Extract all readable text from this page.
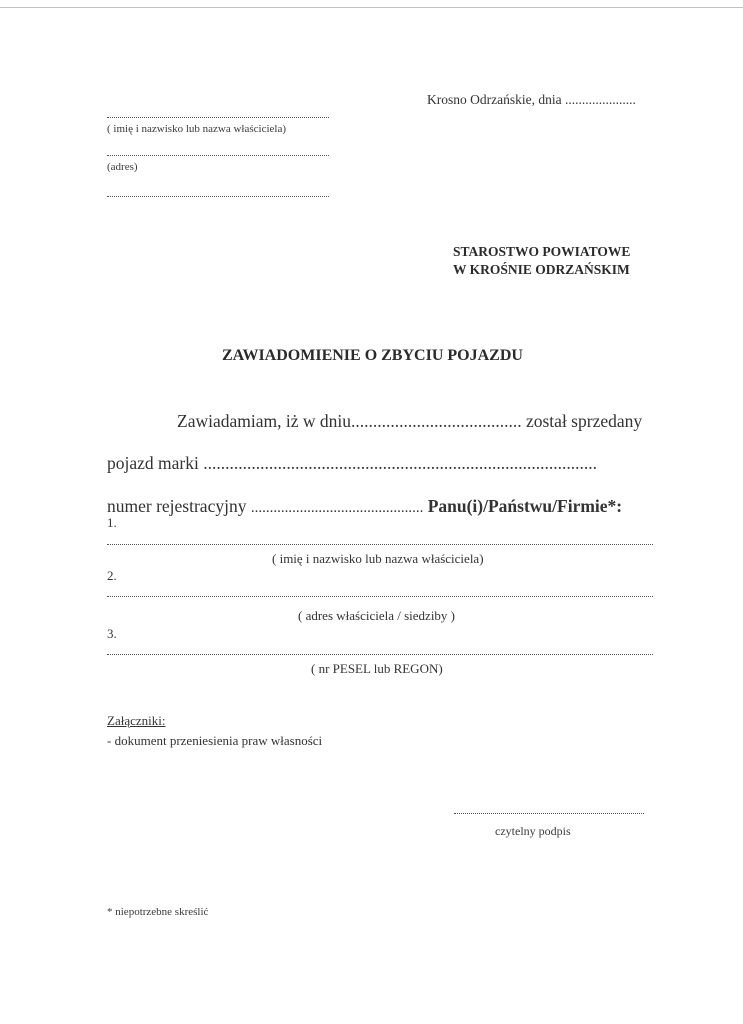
( imię i nazwisko lub nazwa właściciela)
(adres)
Krosno Odrzańskie, dnia .....................
STAROSTWO POWIATOWE
W KROŚNIE ODRZAŃSKIM
ZAWIADOMIENIE O ZBYCIU POJAZDU
Zawiadamiam, iż w dniu....................................... został sprzedany
pojazd marki ..........................................................................................
numer rejestracyjny .............................................. Panu(i)/Państwu/Firmie*:
1.
( imię i nazwisko lub nazwa właściciela)
2.
( adres właściciela / siedziby )
3.
( nr PESEL lub REGON)
Załączniki:
- dokument przeniesienia praw własności
czytelny podpis
* niepotrzebne skreślić
